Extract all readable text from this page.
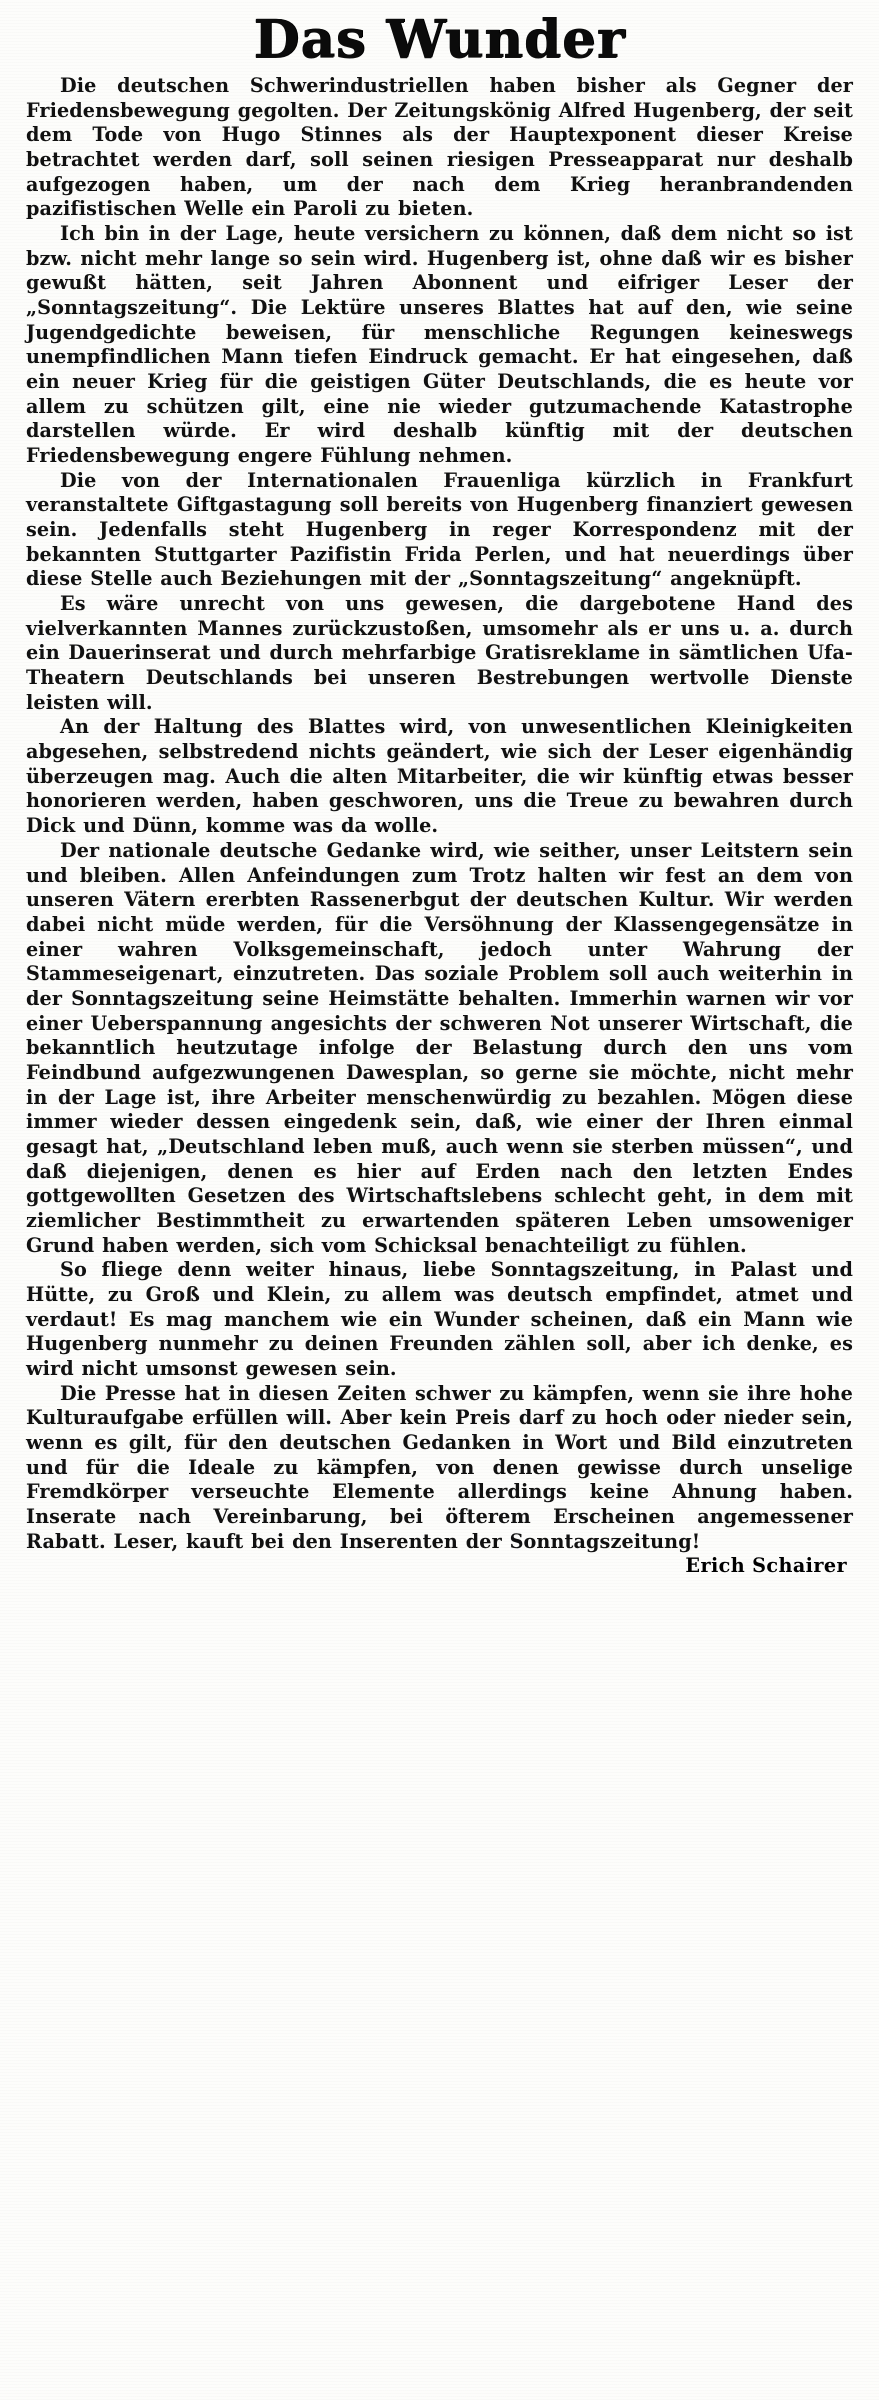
Das Wunder

Die deutschen Schwerindustriellen haben bisher als Gegner der Friedensbewegung gegolten. Der Zeitungskönig Alfred Hugenberg, der seit dem Tode von Hugo Stinnes als der Hauptexponent dieser Kreise betrachtet werden darf, soll seinen riesigen Presseapparat nur deshalb aufgezogen haben, um der nach dem Krieg heranbrandenden pazifistischen Welle ein Paroli zu bieten.

Ich bin in der Lage, heute versichern zu können, daß dem nicht so ist bzw. nicht mehr lange so sein wird. Hugenberg ist, ohne daß wir es bisher gewußt hätten, seit Jahren Abonnent und eifriger Leser der „Sonntagszeitung“. Die Lektüre unseres Blattes hat auf den, wie seine Jugendgedichte beweisen, für menschliche Regungen keineswegs unempfindlichen Mann tiefen Eindruck gemacht. Er hat eingesehen, daß ein neuer Krieg für die geistigen Güter Deutschlands, die es heute vor allem zu schützen gilt, eine nie wieder gutzumachende Katastrophe darstellen würde. Er wird deshalb künftig mit der deutschen Friedensbewegung engere Fühlung nehmen.

Die von der Internationalen Frauenliga kürzlich in Frankfurt veranstaltete Giftgastagung soll bereits von Hugenberg finanziert gewesen sein. Jedenfalls steht Hugenberg in reger Korrespondenz mit der bekannten Stuttgarter Pazifistin Frida Perlen, und hat neuerdings über diese Stelle auch Beziehungen mit der „Sonntagszeitung“ angeknüpft.

Es wäre unrecht von uns gewesen, die dargebotene Hand des vielverkannten Mannes zurückzustoßen, umsomehr als er uns u. a. durch ein Dauerinserat und durch mehrfarbige Gratisreklame in sämtlichen Ufa-Theatern Deutschlands bei unseren Bestrebungen wertvolle Dienste leisten will.

An der Haltung des Blattes wird, von unwesentlichen Kleinigkeiten abgesehen, selbstredend nichts geändert, wie sich der Leser eigenhändig überzeugen mag. Auch die alten Mitarbeiter, die wir künftig etwas besser honorieren werden, haben geschworen, uns die Treue zu bewahren durch Dick und Dünn, komme was da wolle.

Der nationale deutsche Gedanke wird, wie seither, unser Leitstern sein und bleiben. Allen Anfeindungen zum Trotz halten wir fest an dem von unseren Vätern ererbten Rassenerbgut der deutschen Kultur. Wir werden dabei nicht müde werden, für die Versöhnung der Klassengegensätze in einer wahren Volksgemeinschaft, jedoch unter Wahrung der Stammeseigenart, einzutreten. Das soziale Problem soll auch weiterhin in der Sonntagszeitung seine Heimstätte behalten. Immerhin warnen wir vor einer Ueberspannung angesichts der schweren Not unserer Wirtschaft, die bekanntlich heutzutage infolge der Belastung durch den uns vom Feindbund aufgezwungenen Dawesplan, so gerne sie möchte, nicht mehr in der Lage ist, ihre Arbeiter menschenwürdig zu bezahlen. Mögen diese immer wieder dessen eingedenk sein, daß, wie einer der Ihren einmal gesagt hat, „Deutschland leben muß, auch wenn sie sterben müssen“, und daß diejenigen, denen es hier auf Erden nach den letzten Endes gottgewollten Gesetzen des Wirtschaftslebens schlecht geht, in dem mit ziemlicher Bestimmtheit zu erwartenden späteren Leben umsoweniger Grund haben werden, sich vom Schicksal benachteiligt zu fühlen.

So fliege denn weiter hinaus, liebe Sonntagszeitung, in Palast und Hütte, zu Groß und Klein, zu allem was deutsch empfindet, atmet und verdaut! Es mag manchem wie ein Wunder scheinen, daß ein Mann wie Hugenberg nunmehr zu deinen Freunden zählen soll, aber ich denke, es wird nicht umsonst gewesen sein.

Die Presse hat in diesen Zeiten schwer zu kämpfen, wenn sie ihre hohe Kulturaufgabe erfüllen will. Aber kein Preis darf zu hoch oder nieder sein, wenn es gilt, für den deutschen Gedanken in Wort und Bild einzutreten und für die Ideale zu kämpfen, von denen gewisse durch unselige Fremdkörper verseuchte Elemente allerdings keine Ahnung haben. Inserate nach Vereinbarung, bei öfterem Erscheinen angemessener Rabatt. Leser, kauft bei den Inserenten der Sonntagszeitung!

Erich Schairer
